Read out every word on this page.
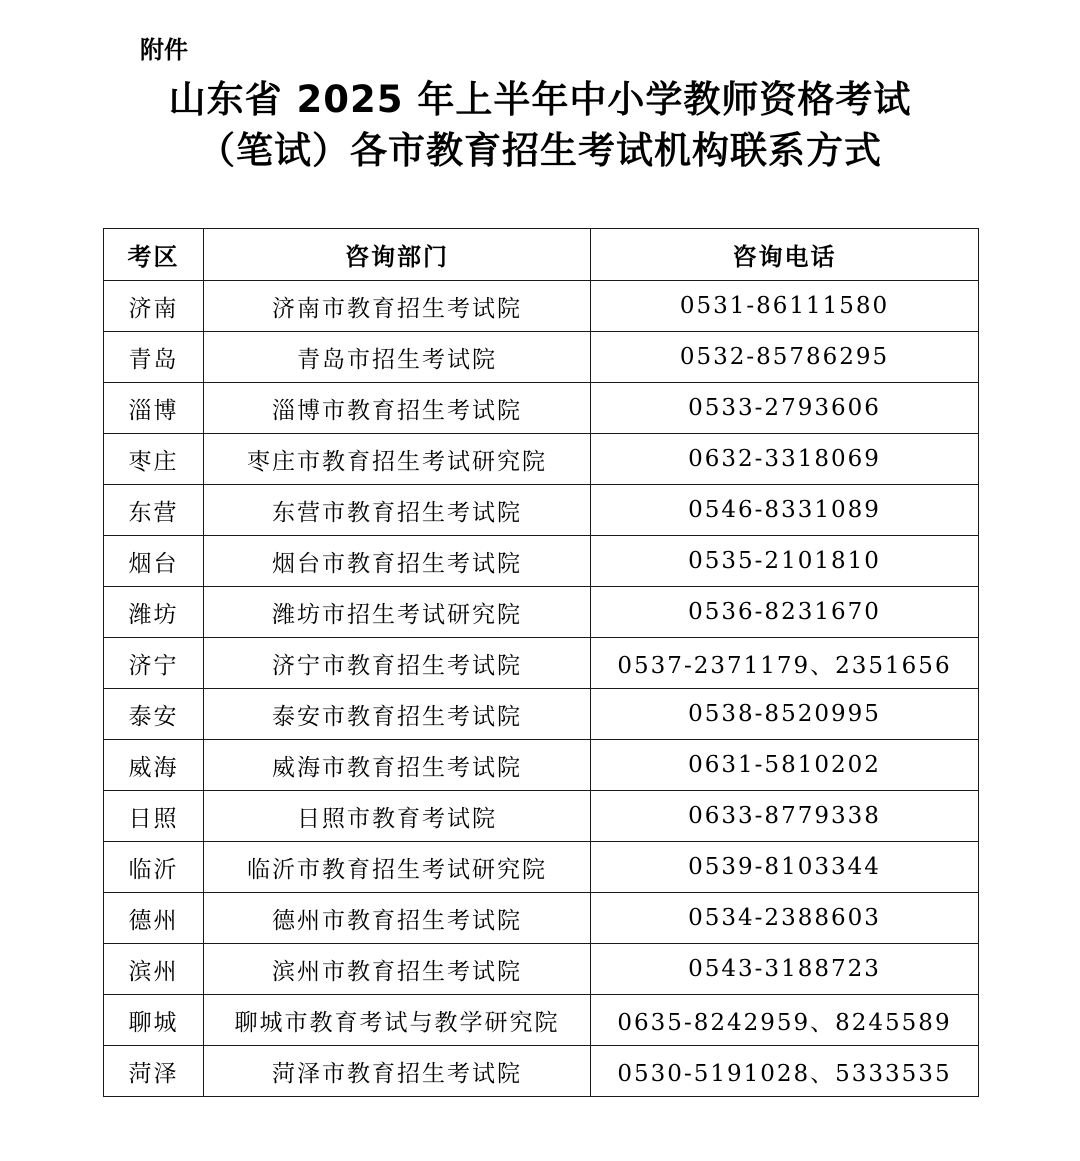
附件
山东省 2025 年上半年中小学教师资格考试
（笔试）各市教育招生考试机构联系方式
考区	咨询部门	咨询电话
济南	济南市教育招生考试院	0531-86111580
青岛	青岛市招生考试院	0532-85786295
淄博	淄博市教育招生考试院	0533-2793606
枣庄	枣庄市教育招生考试研究院	0632-3318069
东营	东营市教育招生考试院	0546-8331089
烟台	烟台市教育招生考试院	0535-2101810
潍坊	潍坊市招生考试研究院	0536-8231670
济宁	济宁市教育招生考试院	0537-2371179、2351656
泰安	泰安市教育招生考试院	0538-8520995
威海	威海市教育招生考试院	0631-5810202
日照	日照市教育考试院	0633-8779338
临沂	临沂市教育招生考试研究院	0539-8103344
德州	德州市教育招生考试院	0534-2388603
滨州	滨州市教育招生考试院	0543-3188723
聊城	聊城市教育考试与教学研究院	0635-8242959、8245589
菏泽	菏泽市教育招生考试院	0530-5191028、5333535
